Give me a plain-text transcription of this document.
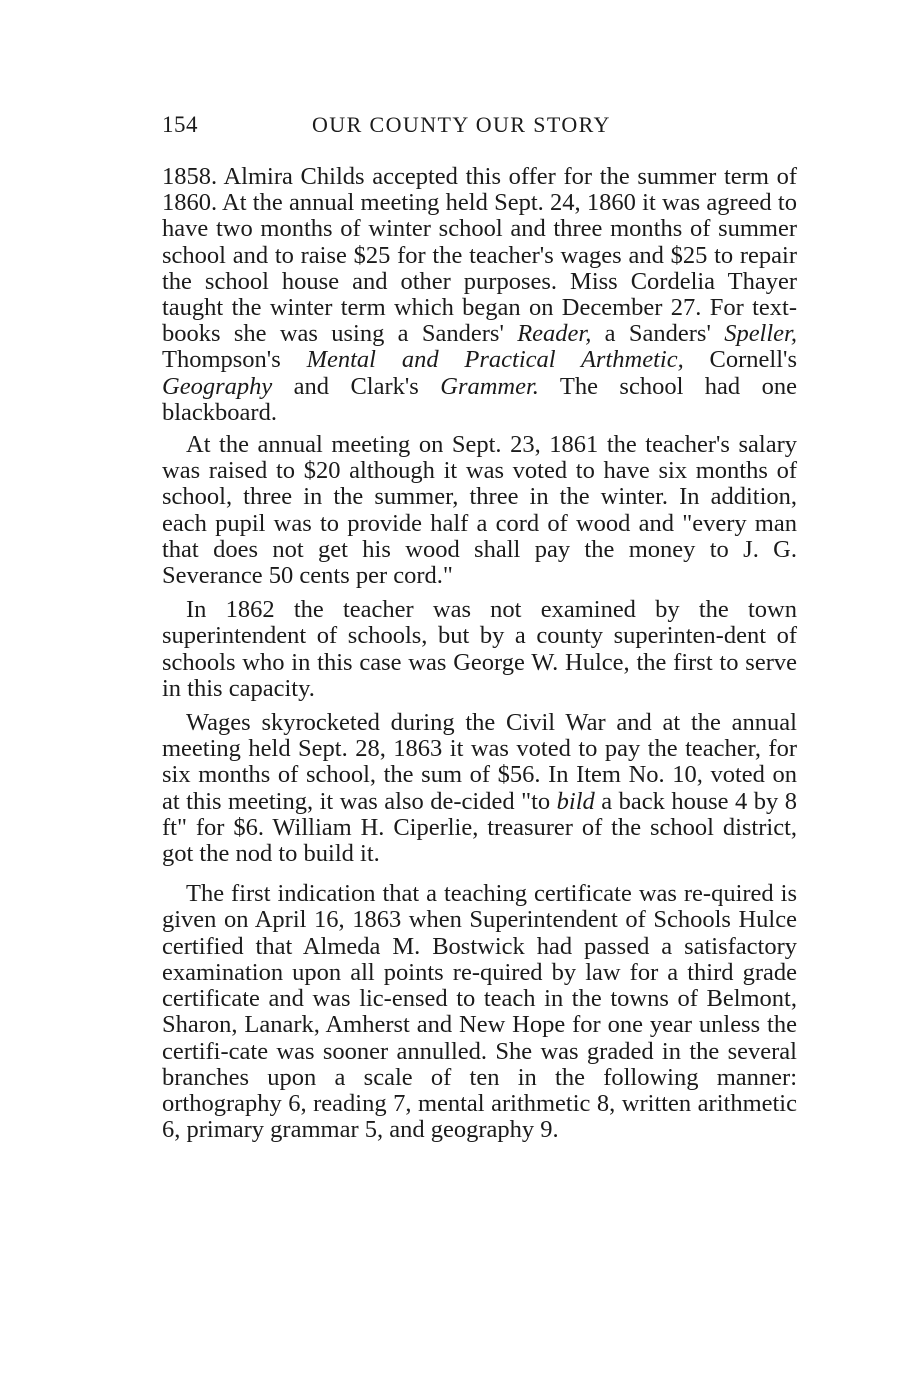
154	OUR COUNTY OUR STORY

1858. Almira Childs accepted this offer for the summer term of 1860. At the annual meeting held Sept. 24, 1860 it was agreed to have two months of winter school and three months of summer school and to raise $25 for the teacher's wages and $25 to repair the school house and other purposes. Miss Cordelia Thayer taught the winter term which began on December 27. For text-books she was using a Sanders' Reader, a Sanders' Speller, Thompson's Mental and Practical Arthmetic, Cornell's Geography and Clark's Grammer. The school had one blackboard.

At the annual meeting on Sept. 23, 1861 the teacher's salary was raised to $20 although it was voted to have six months of school, three in the summer, three in the winter. In addition, each pupil was to provide half a cord of wood and "every man that does not get his wood shall pay the money to J. G. Severance 50 cents per cord."

In 1862 the teacher was not examined by the town superintendent of schools, but by a county superinten-dent of schools who in this case was George W. Hulce, the first to serve in this capacity.

Wages skyrocketed during the Civil War and at the annual meeting held Sept. 28, 1863 it was voted to pay the teacher, for six months of school, the sum of $56. In Item No. 10, voted on at this meeting, it was also de-cided "to bild a back house 4 by 8 ft" for $6. William H. Ciperlie, treasurer of the school district, got the nod to build it.

The first indication that a teaching certificate was re-quired is given on April 16, 1863 when Superintendent of Schools Hulce certified that Almeda M. Bostwick had passed a satisfactory examination upon all points re-quired by law for a third grade certificate and was lic-ensed to teach in the towns of Belmont, Sharon, Lanark, Amherst and New Hope for one year unless the certifi-cate was sooner annulled. She was graded in the several branches upon a scale of ten in the following manner: orthography 6, reading 7, mental arithmetic 8, written arithmetic 6, primary grammar 5, and geography 9.
